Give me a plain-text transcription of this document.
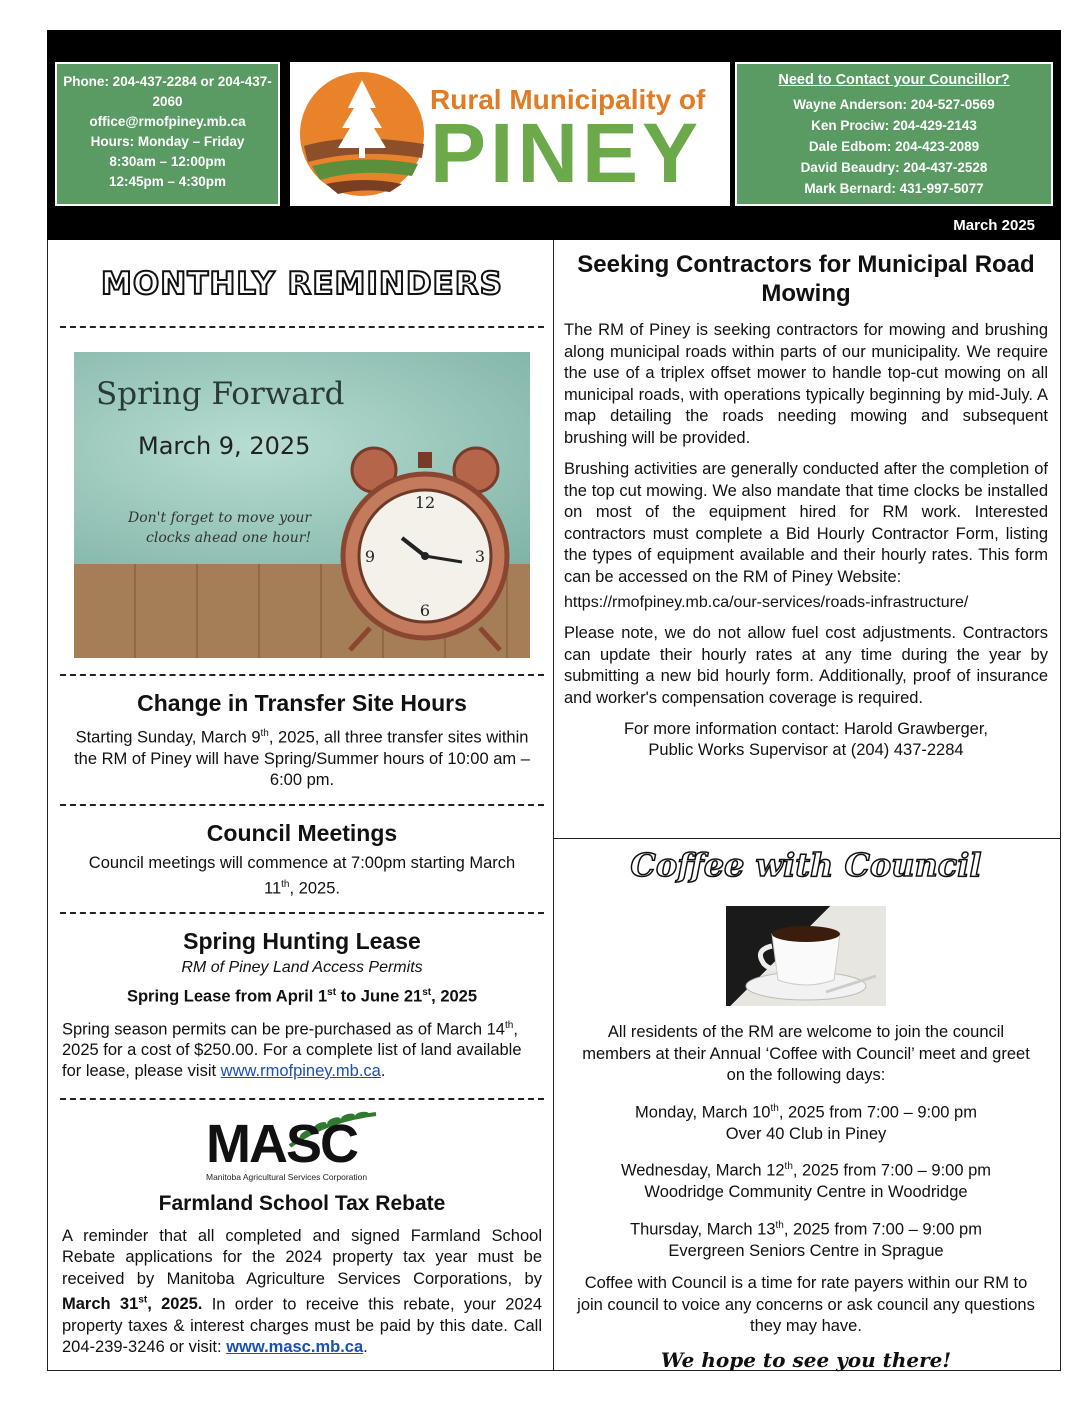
Phone: 204-437-2284 or 204-437-2060
office@rmofpiney.mb.ca
Hours: Monday – Friday
8:30am – 12:00pm
12:45pm – 4:30pm
Rural Municipality of
PINEY
Need to Contact your Councillor?
Wayne Anderson: 204-527-0569
Ken Prociw: 204-429-2143
Dale Edbom: 204-423-2089
David Beaudry: 204-437-2528
Mark Bernard: 431-997-5077
March 2025
MONTHLY REMINDERS
Spring Forward
March 9, 2025
Don't forget to move your
clocks ahead one hour!
12
3
6
9
Change in Transfer Site Hours

Starting Sunday, March 9th, 2025, all three transfer sites within the RM of Piney will have Spring/Summer hours of 10:00 am – 6:00 pm.

Council Meetings

Council meetings will commence at 7:00pm starting March 11th, 2025.

Spring Hunting Lease

RM of Piney Land Access Permits

Spring Lease from April 1st to June 21st, 2025

Spring season permits can be pre-purchased as of March 14th, 2025 for a cost of $250.00. For a complete list of land available for lease, please visit www.rmofpiney.mb.ca.

MASC
Manitoba Agricultural Services Corporation
Farmland School Tax Rebate

A reminder that all completed and signed Farmland School Rebate applications for the 2024 property tax year must be received by Manitoba Agriculture Services Corporations, by March 31st, 2025. In order to receive this rebate, your 2024 property taxes & interest charges must be paid by this date. Call 204-239-3246 or visit: www.masc.mb.ca.

Seeking Contractors for Municipal Road Mowing

The RM of Piney is seeking contractors for mowing and brushing along municipal roads within parts of our municipality. We require the use of a triplex offset mower to handle top-cut mowing on all municipal roads, with operations typically beginning by mid-July. A map detailing the roads needing mowing and subsequent brushing will be provided.

Brushing activities are generally conducted after the completion of the top cut mowing. We also mandate that time clocks be installed on most of the equipment hired for RM work. Interested contractors must complete a Bid Hourly Contractor Form, listing the types of equipment available and their hourly rates. This form can be accessed on the RM of Piney Website:

https://rmofpiney.mb.ca/our-services/roads-infrastructure/

Please note, we do not allow fuel cost adjustments. Contractors can update their hourly rates at any time during the year by submitting a new bid hourly form. Additionally, proof of insurance and worker's compensation coverage is required.

For more information contact: Harold Grawberger,

Public Works Supervisor at (204) 437-2284

Coffee with Council

All residents of the RM are welcome to join the council members at their Annual ‘Coffee with Council’ meet and greet on the following days:

Monday, March 10th, 2025 from 7:00 – 9:00 pm
Over 40 Club in Piney

Wednesday, March 12th, 2025 from 7:00 – 9:00 pm
Woodridge Community Centre in Woodridge

Thursday, March 13th, 2025 from 7:00 – 9:00 pm
Evergreen Seniors Centre in Sprague

Coffee with Council is a time for rate payers within our RM to join council to voice any concerns or ask council any questions they may have.

We hope to see you there!
